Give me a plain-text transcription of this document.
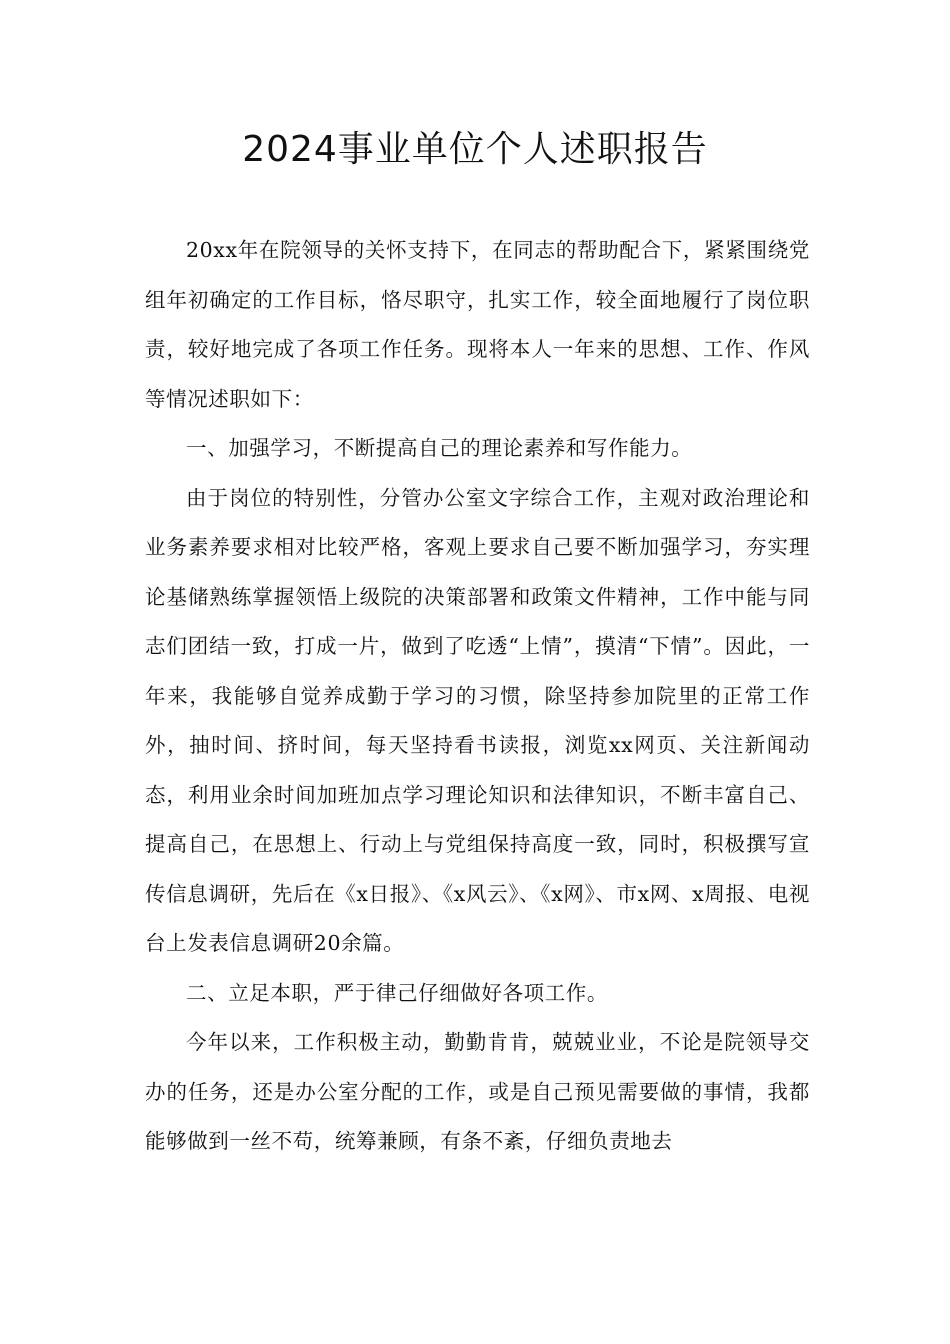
2024事业单位个人述职报告

20xx年在院领导的关怀支持下，在同志的帮助配合下，紧紧围绕党组年初确定的工作目标，恪尽职守，扎实工作，较全面地履行了岗位职责，较好地完成了各项工作任务。现将本人一年来的思想、工作、作风等情况述职如下：

一、加强学习，不断提高自己的理论素养和写作能力。

由于岗位的特别性，分管办公室文字综合工作，主观对政治理论和业务素养要求相对比较严格，客观上要求自己要不断加强学习，夯实理论基储熟练掌握领悟上级院的决策部署和政策文件精神，工作中能与同志们团结一致，打成一片，做到了吃透“上情”，摸清“下情”。因此，一年来，我能够自觉养成勤于学习的习惯，除坚持参加院里的正常工作外，抽时间、挤时间，每天坚持看书读报，浏览xx网页、关注新闻动态，利用业余时间加班加点学习理论知识和法律知识，不断丰富自己、提高自己，在思想上、行动上与党组保持高度一致，同时，积极撰写宣传信息调研，先后在《x日报》、《x风云》、《x网》、市x网、x周报、电视台上发表信息调研20余篇。

二、立足本职，严于律己仔细做好各项工作。

今年以来，工作积极主动，勤勤肯肯，兢兢业业，不论是院领导交办的任务，还是办公室分配的工作，或是自己预见需要做的事情，我都能够做到一丝不苟，统筹兼顾，有条不紊，仔细负责地去
